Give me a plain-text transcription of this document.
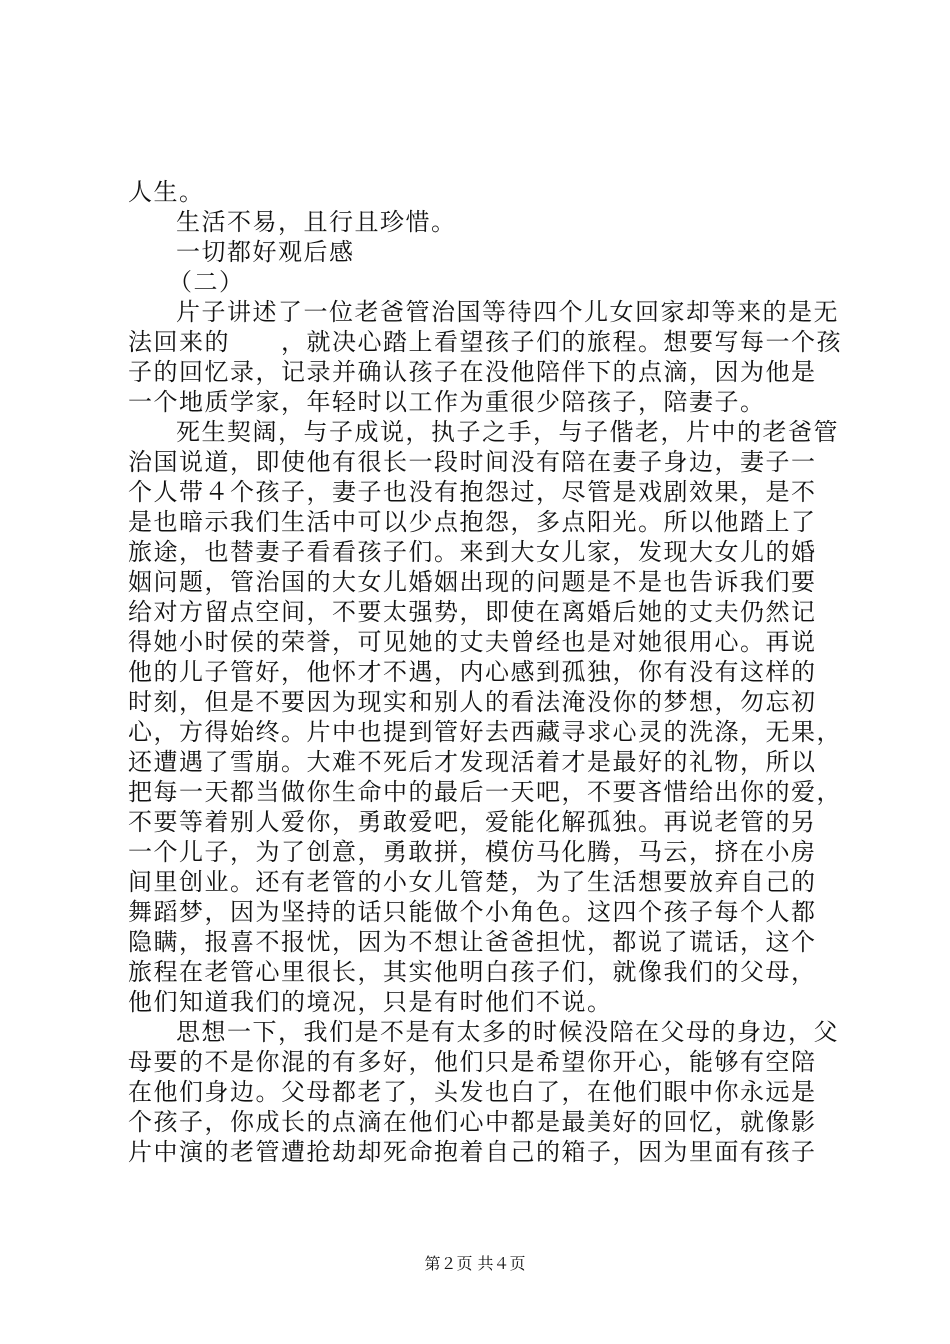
人生。
生活不易，且行且珍惜。
一切都好观后感
（二）
片子讲述了一位老爸管治国等待四个儿女回家却等来的是无
法回来的　　，就决心踏上看望孩子们的旅程。想要写每一个孩
子的回忆录，记录并确认孩子在没他陪伴下的点滴，因为他是
一个地质学家，年轻时以工作为重很少陪孩子，陪妻子。
死生契阔，与子成说，执子之手，与子偕老，片中的老爸管
治国说道，即使他有很长一段时间没有陪在妻子身边，妻子一
个人带４个孩子，妻子也没有抱怨过，尽管是戏剧效果，是不
是也暗示我们生活中可以少点抱怨，多点阳光。所以他踏上了
旅途，也替妻子看看孩子们。来到大女儿家，发现大女儿的婚
姻问题，管治国的大女儿婚姻出现的问题是不是也告诉我们要
给对方留点空间，不要太强势，即使在离婚后她的丈夫仍然记
得她小时侯的荣誉，可见她的丈夫曾经也是对她很用心。再说
他的儿子管好，他怀才不遇，内心感到孤独，你有没有这样的
时刻，但是不要因为现实和别人的看法淹没你的梦想，勿忘初
心，方得始终。片中也提到管好去西藏寻求心灵的洗涤，无果，
还遭遇了雪崩。大难不死后才发现活着才是最好的礼物，所以
把每一天都当做你生命中的最后一天吧，不要吝惜给出你的爱，
不要等着别人爱你，勇敢爱吧，爱能化解孤独。再说老管的另
一个儿子，为了创意，勇敢拼，模仿马化腾，马云，挤在小房
间里创业。还有老管的小女儿管楚，为了生活想要放弃自己的
舞蹈梦，因为坚持的话只能做个小角色。这四个孩子每个人都
隐瞒，报喜不报忧，因为不想让爸爸担忧，都说了谎话，这个
旅程在老管心里很长，其实他明白孩子们，就像我们的父母，
他们知道我们的境况，只是有时他们不说。
思想一下，我们是不是有太多的时候没陪在父母的身边，父
母要的不是你混的有多好，他们只是希望你开心，能够有空陪
在他们身边。父母都老了，头发也白了，在他们眼中你永远是
个孩子，你成长的点滴在他们心中都是最美好的回忆，就像影
片中演的老管遭抢劫却死命抱着自己的箱子，因为里面有孩子
第２页 共４页
